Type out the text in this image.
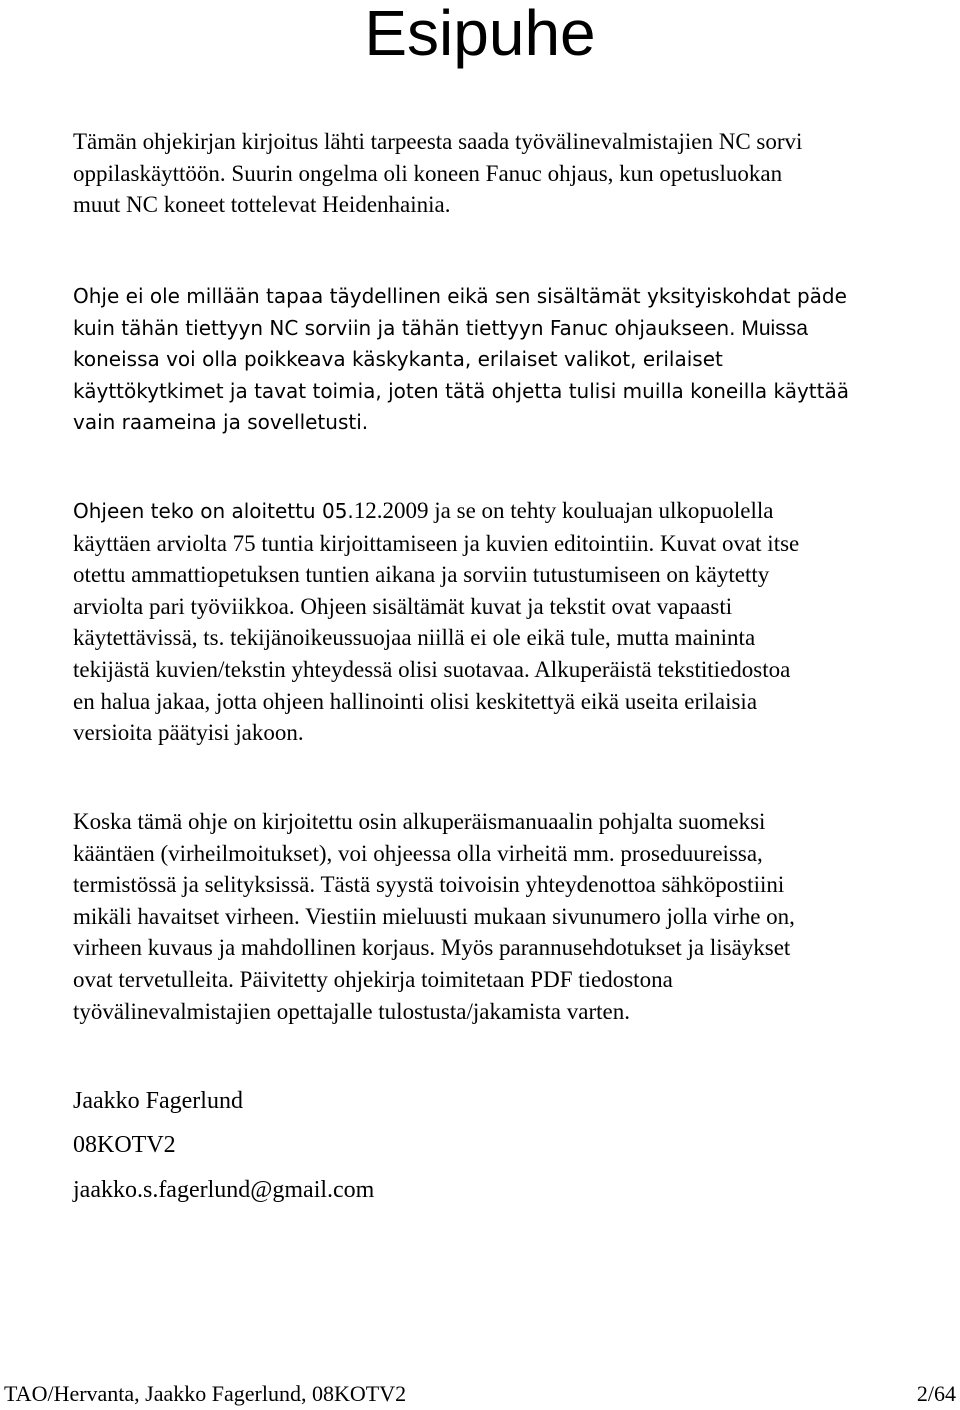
Esipuhe
Tämän ohjekirjan kirjoitus lähti tarpeesta saada työvälinevalmistajien NC sorvi
oppilaskäyttöön. Suurin ongelma oli koneen Fanuc ohjaus, kun opetusluokan
muut NC koneet tottelevat Heidenhainia.
Ohje ei ole millään tapaa täydellinen eikä sen sisältämät yksityiskohdat päde
kuin tähän tiettyyn NC sorviin ja tähän tiettyyn Fanuc ohjaukseen. Muissa
koneissa voi olla poikkeava käskykanta, erilaiset valikot, erilaiset
käyttökytkimet ja tavat toimia, joten tätä ohjetta tulisi muilla koneilla käyttää
vain raameina ja sovelletusti.
Ohjeen teko on aloitettu 05.12.2009 ja se on tehty kouluajan ulkopuolella
käyttäen arviolta 75 tuntia kirjoittamiseen ja kuvien editointiin. Kuvat ovat itse
otettu ammattiopetuksen tuntien aikana ja sorviin tutustumiseen on käytetty
arviolta pari työviikkoa. Ohjeen sisältämät kuvat ja tekstit ovat vapaasti
käytettävissä, ts. tekijänoikeussuojaa niillä ei ole eikä tule, mutta maininta
tekijästä kuvien/tekstin yhteydessä olisi suotavaa. Alkuperäistä tekstitiedostoa
en halua jakaa, jotta ohjeen hallinointi olisi keskitettyä eikä useita erilaisia
versioita päätyisi jakoon.
Koska tämä ohje on kirjoitettu osin alkuperäismanuaalin pohjalta suomeksi
kääntäen (virheilmoitukset), voi ohjeessa olla virheitä mm. proseduureissa,
termistössä ja selityksissä. Tästä syystä toivoisin yhteydenottoa sähköpostiini
mikäli havaitset virheen. Viestiin mieluusti mukaan sivunumero jolla virhe on,
virheen kuvaus ja mahdollinen korjaus. Myös parannusehdotukset ja lisäykset
ovat tervetulleita. Päivitetty ohjekirja toimitetaan PDF tiedostona
työvälinevalmistajien opettajalle tulostusta/jakamista varten.
Jaakko Fagerlund
08KOTV2
jaakko.s.fagerlund@gmail.com
TAO/Hervanta, Jaakko Fagerlund, 08KOTV2	2/64
